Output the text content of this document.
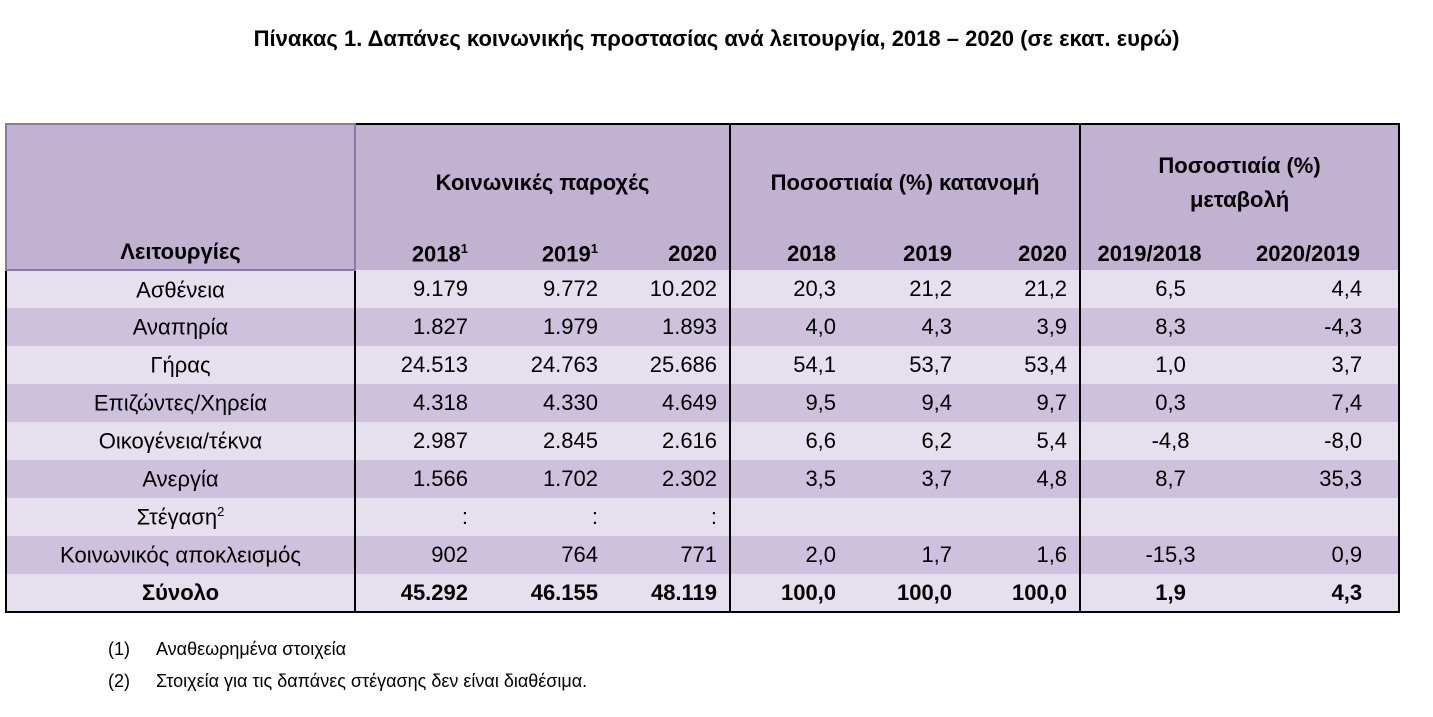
Πίνακας 1. Δαπάνες κοινωνικής προστασίας ανά λειτουργία, 2018 – 2020 (σε εκατ. ευρώ)
Λειτουργίες	Κοινωνικές παροχές			Ποσοστιαία (%) κατανομή			Ποσοστιαία (%)
μεταβολή	

	2018$^1$	2019$^1$	2020	2018	2019	2020	2019/2018	2020/2019
Ασθένεια	9.179	9.772	10.202	20,3	21,2	21,2	6,5	4,4
Αναπηρία	1.827	1.979	1.893	4,0	4,3	3,9	8,3	-4,3
Γήρας	24.513	24.763	25.686	54,1	53,7	53,4	1,0	3,7
Επιζώντες/Χηρεία	4.318	4.330	4.649	9,5	9,4	9,7	0,3	7,4
Οικογένεια/τέκνα	2.987	2.845	2.616	6,6	6,2	5,4	-4,8	-8,0
Ανεργία	1.566	1.702	2.302	3,5	3,7	4,8	8,7	35,3
Στέγαση$^2$	:	:	:					
Κοινωνικός αποκλεισμός	902	764	771	2,0	1,7	1,6	-15,3	0,9
Σύνολο	45.292	46.155	48.119	100,0	100,0	100,0	1,9	4,3
(1)	Αναθεωρημένα στοιχεία
(2)	Στοιχεία για τις δαπάνες στέγασης δεν είναι διαθέσιμα.
